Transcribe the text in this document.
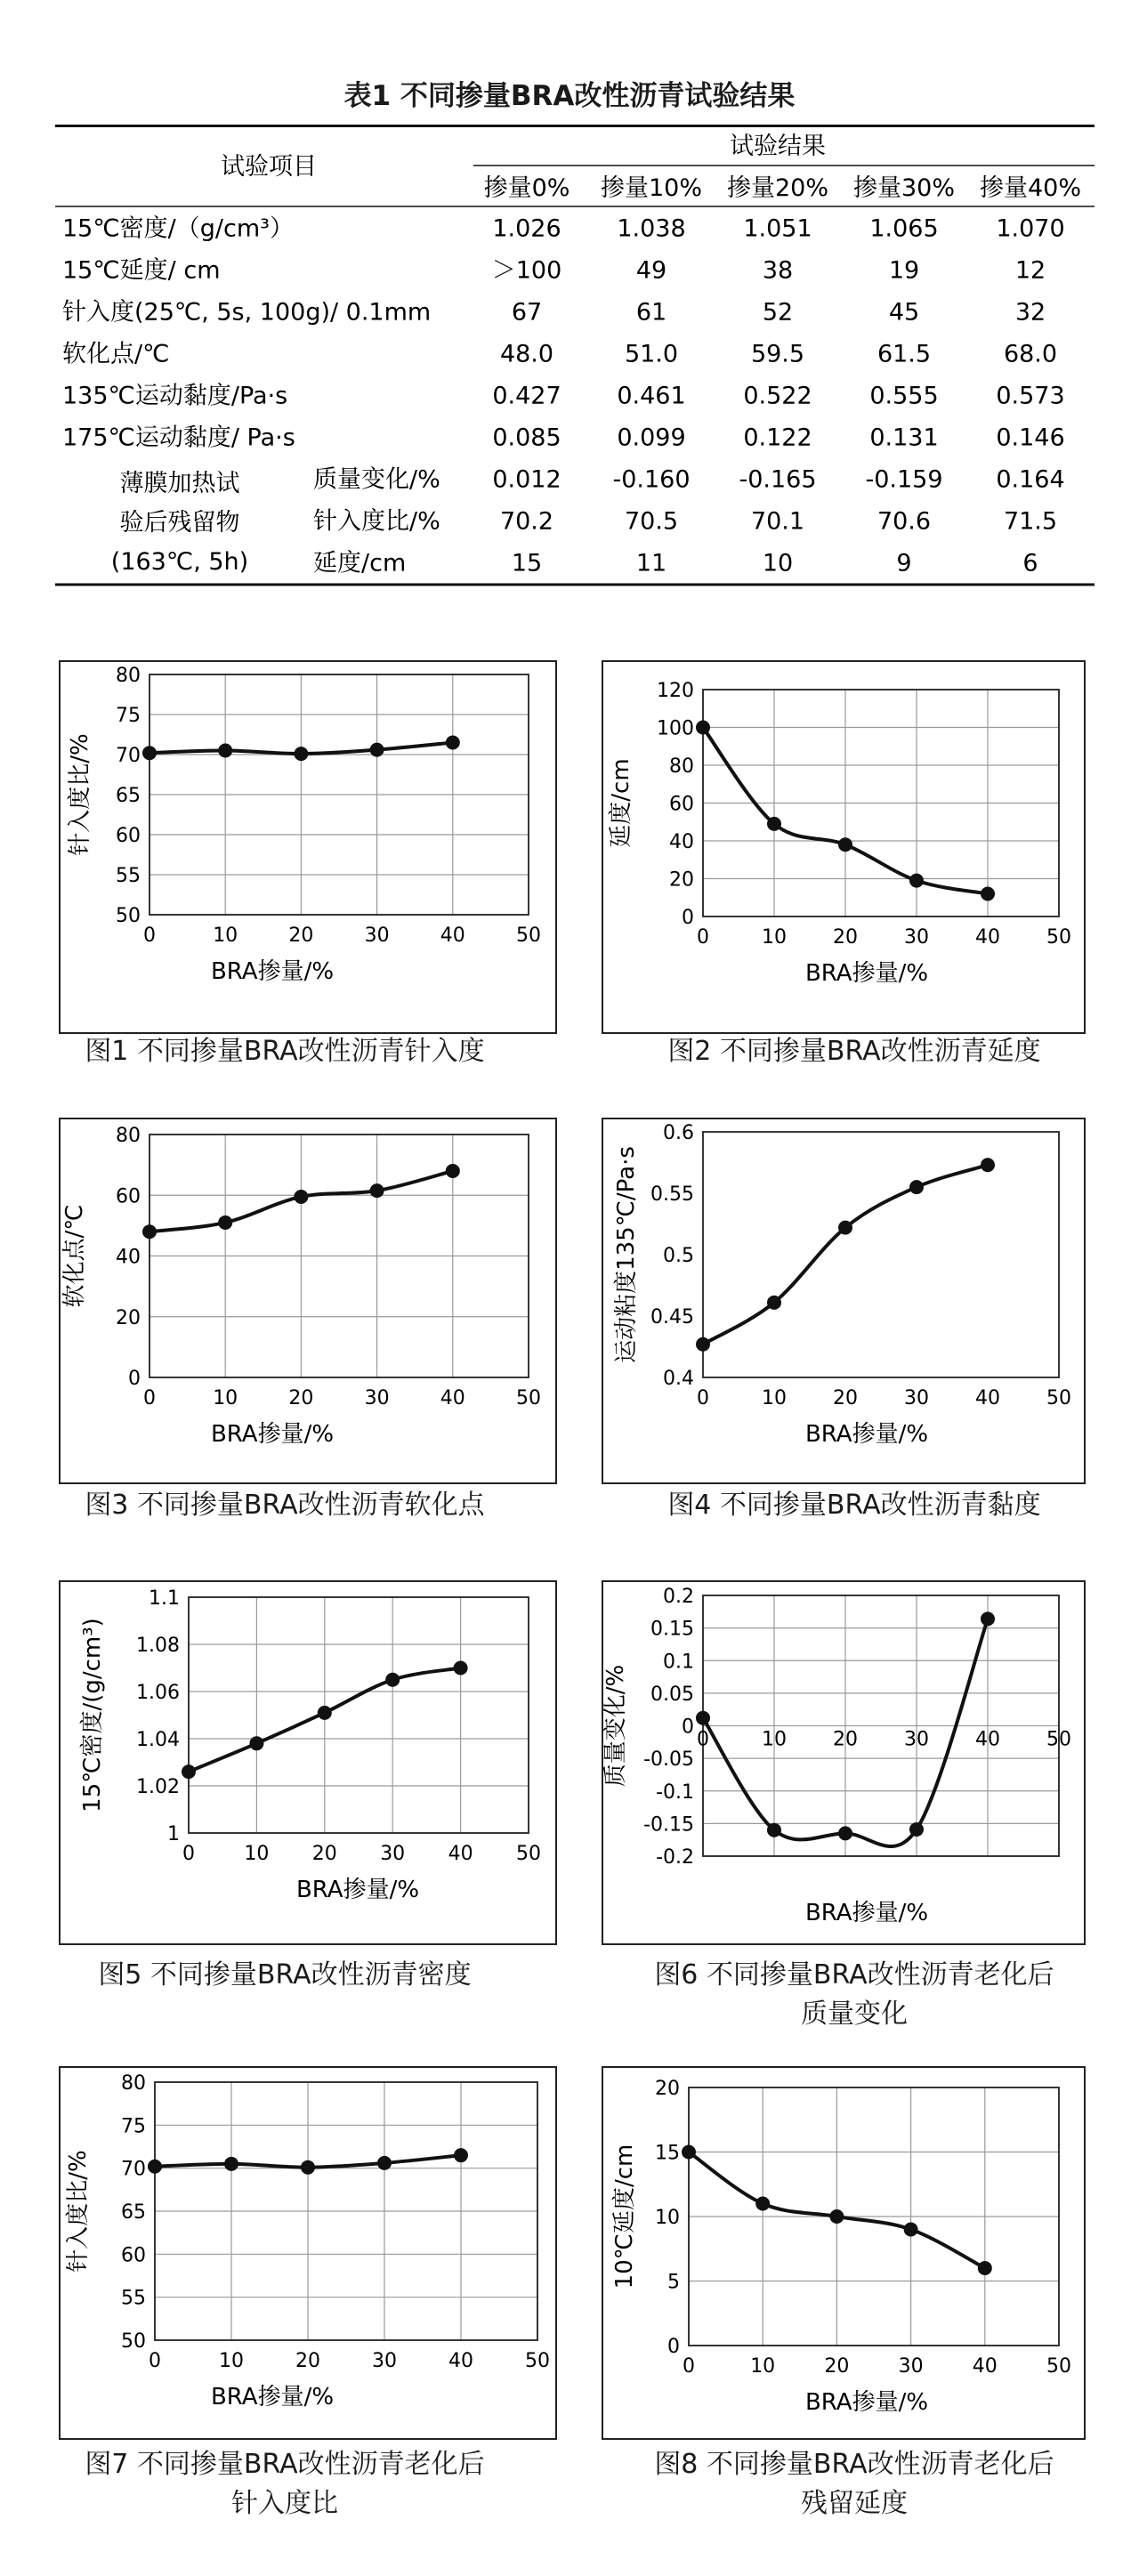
表1 不同掺量BRA改性沥青试验结果
试验项目
试验结果
掺量0% 掺量10% 掺量20% 掺量30% 掺量40%
15℃密度/（g/cm³）	1.026 1.038 1.051 1.065 1.070
15℃延度/ cm	＞100	49	38	19	12
针入度(25℃, 5s, 100g)/ 0.1mm	67	61	52	45	32
软化点/℃	48.0	51.0	59.5	61.5	68.0
135℃运动黏度/Pa·s	0.427 0.461 0.522 0.555 0.573
175℃运动黏度/ Pa·s	0.085 0.099 0.122 0.131 0.146
质量变化/% 0.012 -0.160 -0.165 -0.159 0.164
针入度比/% 70.2	70.5	70.1	70.6	71.5
延度/cm	15	11	10	9	6
薄膜加热试
验后残留物
(163℃, 5h)
50
55
60
65
70
75
80
0	10	20	30	40	50
BRA掺量/%
针入度比/%
0
20
40
60
80
100
120
0	10 20 30 40 50
BRA掺量/%
延度/cm
0
20
40
60
80
0	10	20	30	40	50
BRA掺量/%
软化点/℃
0.4
0.45
0.5
0.55
0.6
0	10 20 30 40 50
BRA掺量/%
运动粘度135℃/Pa·s
1
1.02
1.04
1.06
1.08
1.1
0	10 20 30 40 50
BRA掺量/%
15℃密度/(g/cm³)
-0.2
-0.15
-0.1
-0.05
0
0.05
0.1
0.15
0.2
0	10 20 30 40 50
BRA掺量/%
质量变化/%
50
55
60
65
70
75
80
0	10	20	30	40	50
BRA掺量/%
针入度比/%
0
5
10
15
20
0	10	20	30	40	50
BRA掺量/%
10℃延度/cm
图1 不同掺量BRA改性沥青针入度	图2 不同掺量BRA改性沥青延度
图3 不同掺量BRA改性沥青软化点	图4 不同掺量BRA改性沥青黏度
图5 不同掺量BRA改性沥青密度	图6 不同掺量BRA改性沥青老化后
质量变化
图7 不同掺量BRA改性沥青老化后
针入度比
图8 不同掺量BRA改性沥青老化后
残留延度
